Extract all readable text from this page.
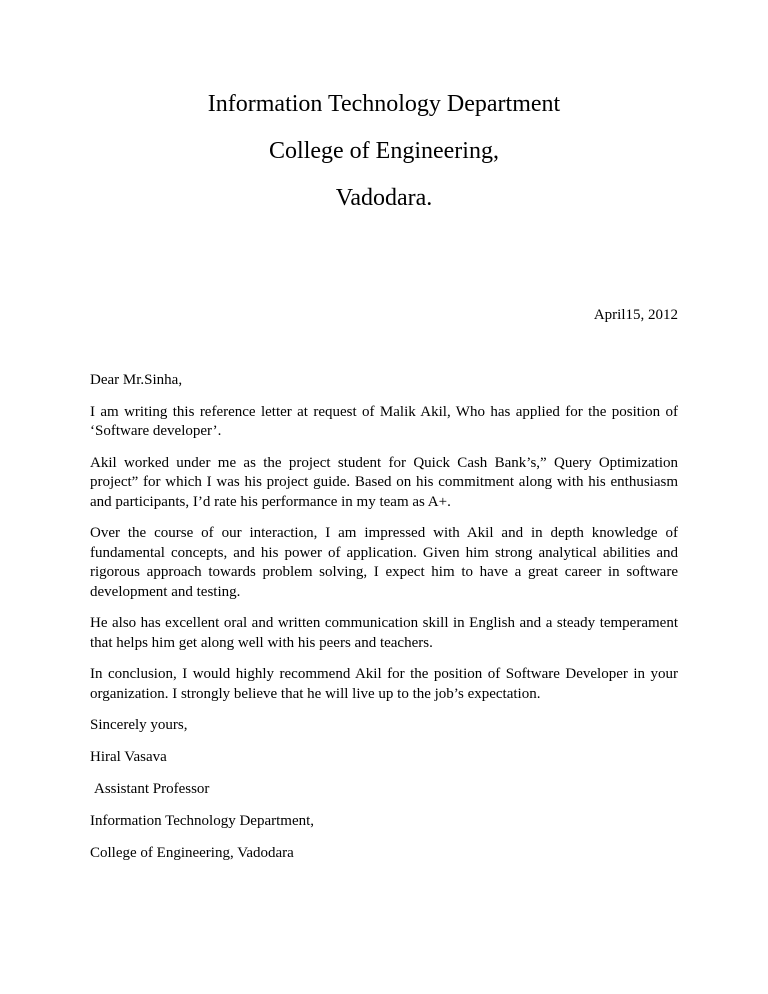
Information Technology Department

College of Engineering,

Vadodara.

April15, 2012

Dear Mr.Sinha,

I am writing this reference letter at request of Malik Akil, Who has applied for the position of ‘Software developer’.

Akil worked under me as the project student for Quick Cash Bank’s,” Query Optimization project” for which I was his project guide. Based on his commitment along with his enthusiasm and participants, I’d rate his performance in my team as A+.

Over the course of our interaction, I am impressed with Akil and in depth knowledge of fundamental concepts, and his power of application. Given him strong analytical abilities and rigorous approach towards problem solving, I expect him to have a great career in software development and testing.

He also has excellent oral and written communication skill in English and a steady temperament that helps him get along well with his peers and teachers.

In conclusion, I would highly recommend Akil for the position of Software Developer in your organization. I strongly believe that he will live up to the job’s expectation.

Sincerely yours,

Hiral Vasava

Assistant Professor

Information Technology Department,

College of Engineering, Vadodara
